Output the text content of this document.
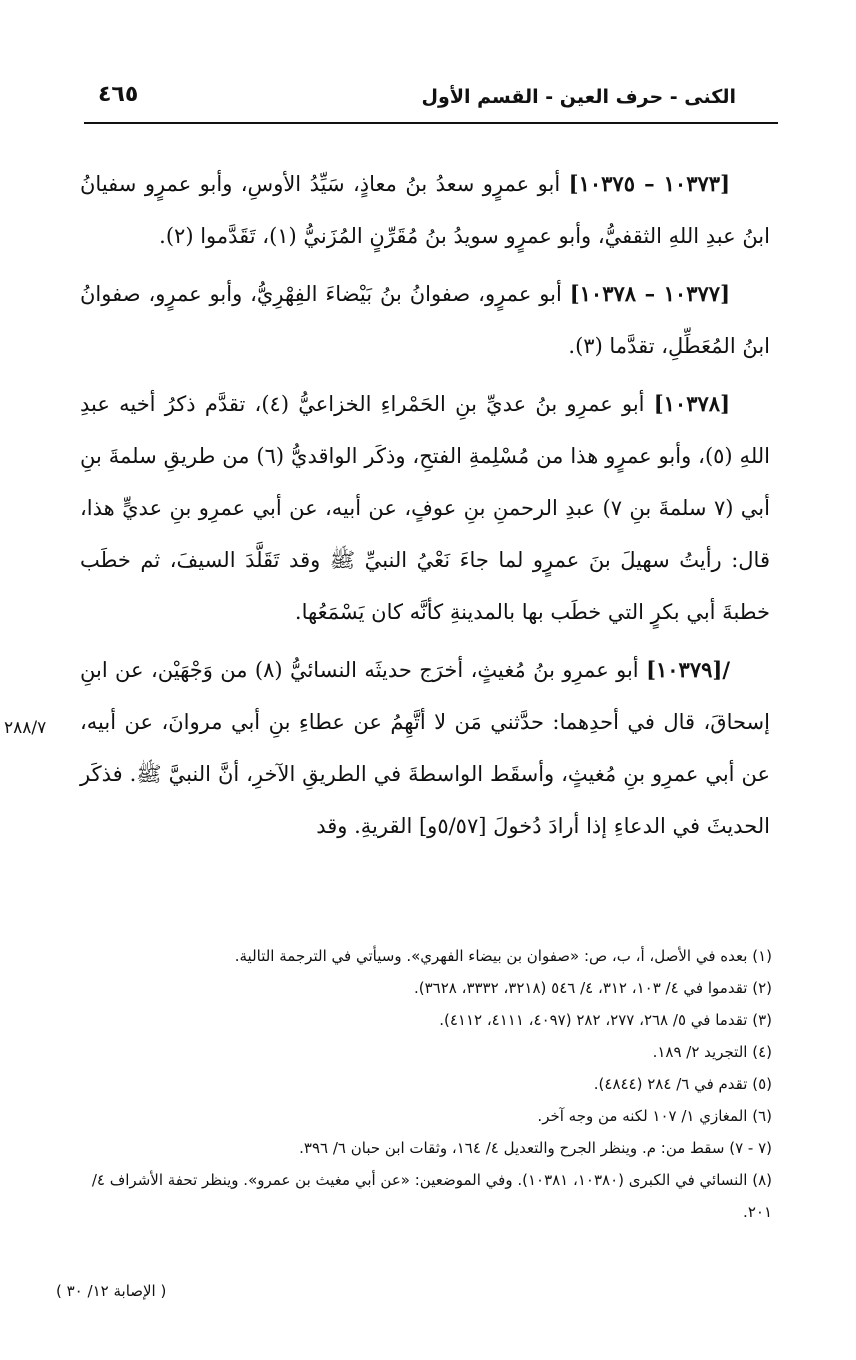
٤٦٥	الكنى - حرف العين - القسم الأول

[١٠٣٧٣ – ١٠٣٧٥] أبو عمرٍو سعدُ بنُ معاذٍ، سَيِّدُ الأوسِ، وأبو عمرٍو سفيانُ ابنُ عبدِ اللهِ الثقفيُّ، وأبو عمرٍو سويدُ بنُ مُقَرِّنٍ المُزَنيُّ (١)، تَقَدَّموا (٢).

[١٠٣٧٧ – ١٠٣٧٨] أبو عمرٍو، صفوانُ بنُ بَيْضاءَ الفِهْرِيُّ، وأبو عمرٍو، صفوانُ ابنُ المُعَطِّلِ، تقدَّما (٣).

[١٠٣٧٨] أبو عمرِو بنُ عديِّ بنِ الحَمْراءِ الخزاعيُّ (٤)، تقدَّم ذكرُ أخيه عبدِ اللهِ (٥)، وأبو عمرٍو هذا من مُسْلِمةِ الفتحِ، وذكَر الواقديُّ (٦) من طريقِ سلمةَ بنِ أبي (٧ سلمةَ بنِ ٧) عبدِ الرحمنِ بنِ عوفٍ، عن أبيه، عن أبي عمرِو بنِ عديٍّ هذا، قال: رأيتُ سهيلَ بنَ عمرٍو لما جاءَ نَعْيُ النبيِّ ﷺ وقد تَقَلَّدَ السيفَ، ثم خطَب خطبةَ أبي بكرٍ التي خطَب بها بالمدينةِ كأنَّه كان يَسْمَعُها.

/[١٠٣٧٩] أبو عمرِو بنُ مُغيثٍ، أخرَج حديثَه النسائيُّ (٨) من وَجْهَيْن، عن ابنِ إسحاقَ، قال في أحدِهما: حدَّثني مَن لا أتَّهِمُ عن عطاءِ بنِ أبي مروانَ، عن أبيه، عن أبي عمرِو بنِ مُغيثٍ، وأسقَط الواسطةَ في الطريقِ الآخرِ، أنَّ النبيَّ ﷺ. فذكَر الحديثَ في الدعاءِ إذا أرادَ دُخولَ [٥/٥٧و] القريةِ. وقد

٢٨٨/٧

(١) بعده في الأصل، أ، ب، ص: «صفوان بن بيضاء الفهري». وسيأتي في الترجمة التالية.

(٢) تقدموا في ٤/ ١٠٣، ٣١٢، ٤/ ٥٤٦ (٣٢١٨، ٣٣٣٢، ٣٦٢٨).

(٣) تقدما في ٥/ ٢٦٨، ٢٧٧، ٢٨٢ (٤٠٩٧، ٤١١١، ٤١١٢).

(٤) التجريد ٢/ ١٨٩.

(٥) تقدم في ٦/ ٢٨٤ (٤٨٤٤).

(٦) المغازي ١/ ١٠٧ لكنه من وجه آخر.

(٧ - ٧) سقط من: م. وينظر الجرح والتعديل ٤/ ١٦٤، وثقات ابن حبان ٦/ ٣٩٦.

(٨) النسائي في الكبرى (١٠٣٨٠، ١٠٣٨١). وفي الموضعين: «عن أبي مغيث بن عمرو». وينظر تحفة الأشراف ٤/ ٢٠١.

( الإصابة ١٢/ ٣٠ )
